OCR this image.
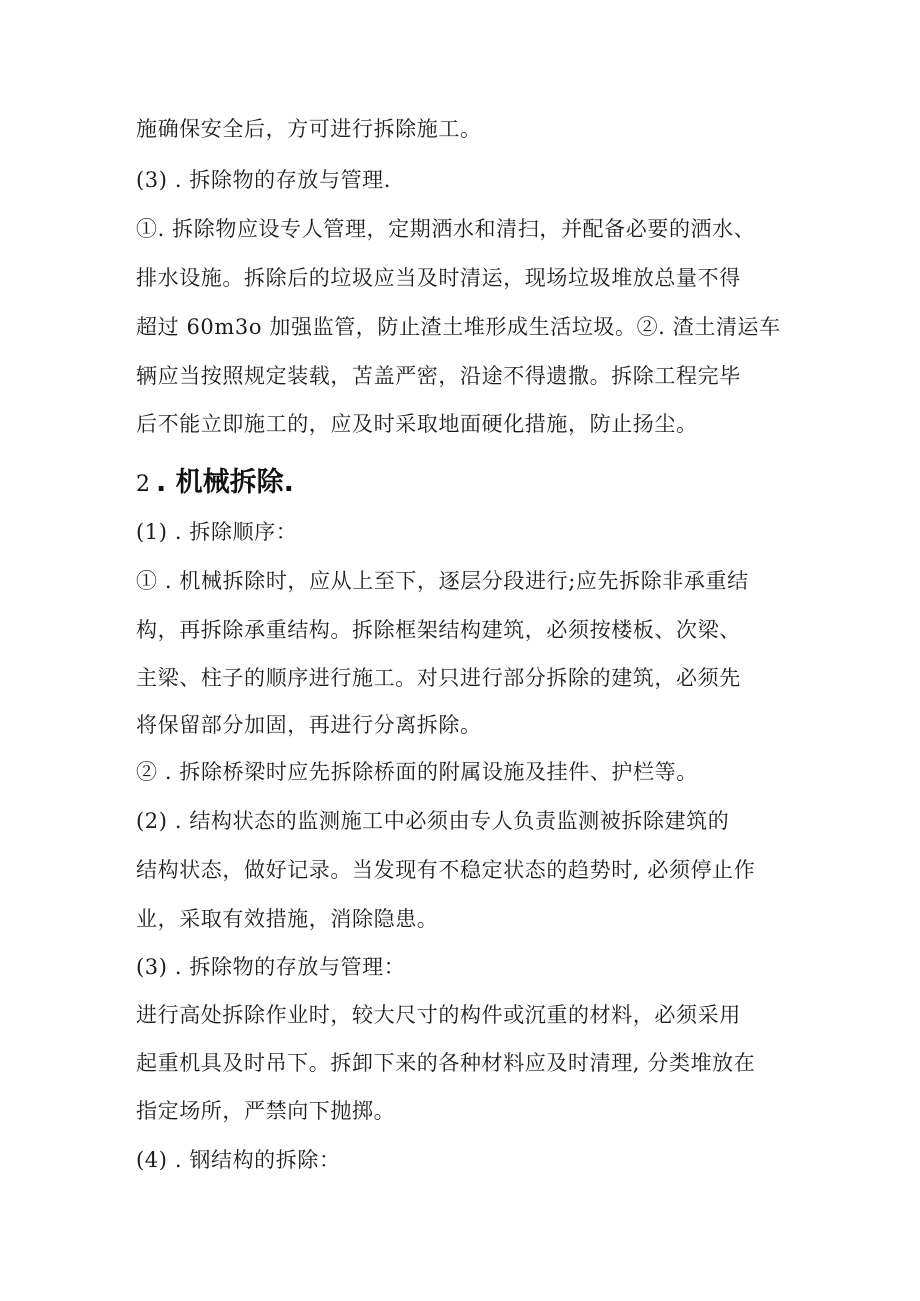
施确保安全后，方可进行拆除施工。
(3) . 拆除物的存放与管理.
①. 拆除物应设专人管理，定期洒水和清扫，并配备必要的洒水、
排水设施。拆除后的垃圾应当及时清运，现场垃圾堆放总量不得
超过 60m3o 加强监管，防止渣土堆形成生活垃圾。②. 渣土清运车
辆应当按照规定装载，苫盖严密，沿途不得遗撒。拆除工程完毕
后不能立即施工的，应及时采取地面硬化措施，防止扬尘。
2 . 机械拆除.
(1) . 拆除顺序：
① . 机械拆除时，应从上至下，逐层分段进行;应先拆除非承重结
构，再拆除承重结构。拆除框架结构建筑，必须按楼板、次梁、
主梁、柱子的顺序进行施工。对只进行部分拆除的建筑，必须先
将保留部分加固，再进行分离拆除。
② . 拆除桥梁时应先拆除桥面的附属设施及挂件、护栏等。
(2) . 结构状态的监测施工中必须由专人负责监测被拆除建筑的
结构状态，做好记录。当发现有不稳定状态的趋势时, 必须停止作
业，采取有效措施，消除隐患。
(3) . 拆除物的存放与管理：
进行高处拆除作业时，较大尺寸的构件或沉重的材料，必须采用
起重机具及时吊下。拆卸下来的各种材料应及时清理, 分类堆放在
指定场所，严禁向下抛掷。
(4) . 钢结构的拆除：
